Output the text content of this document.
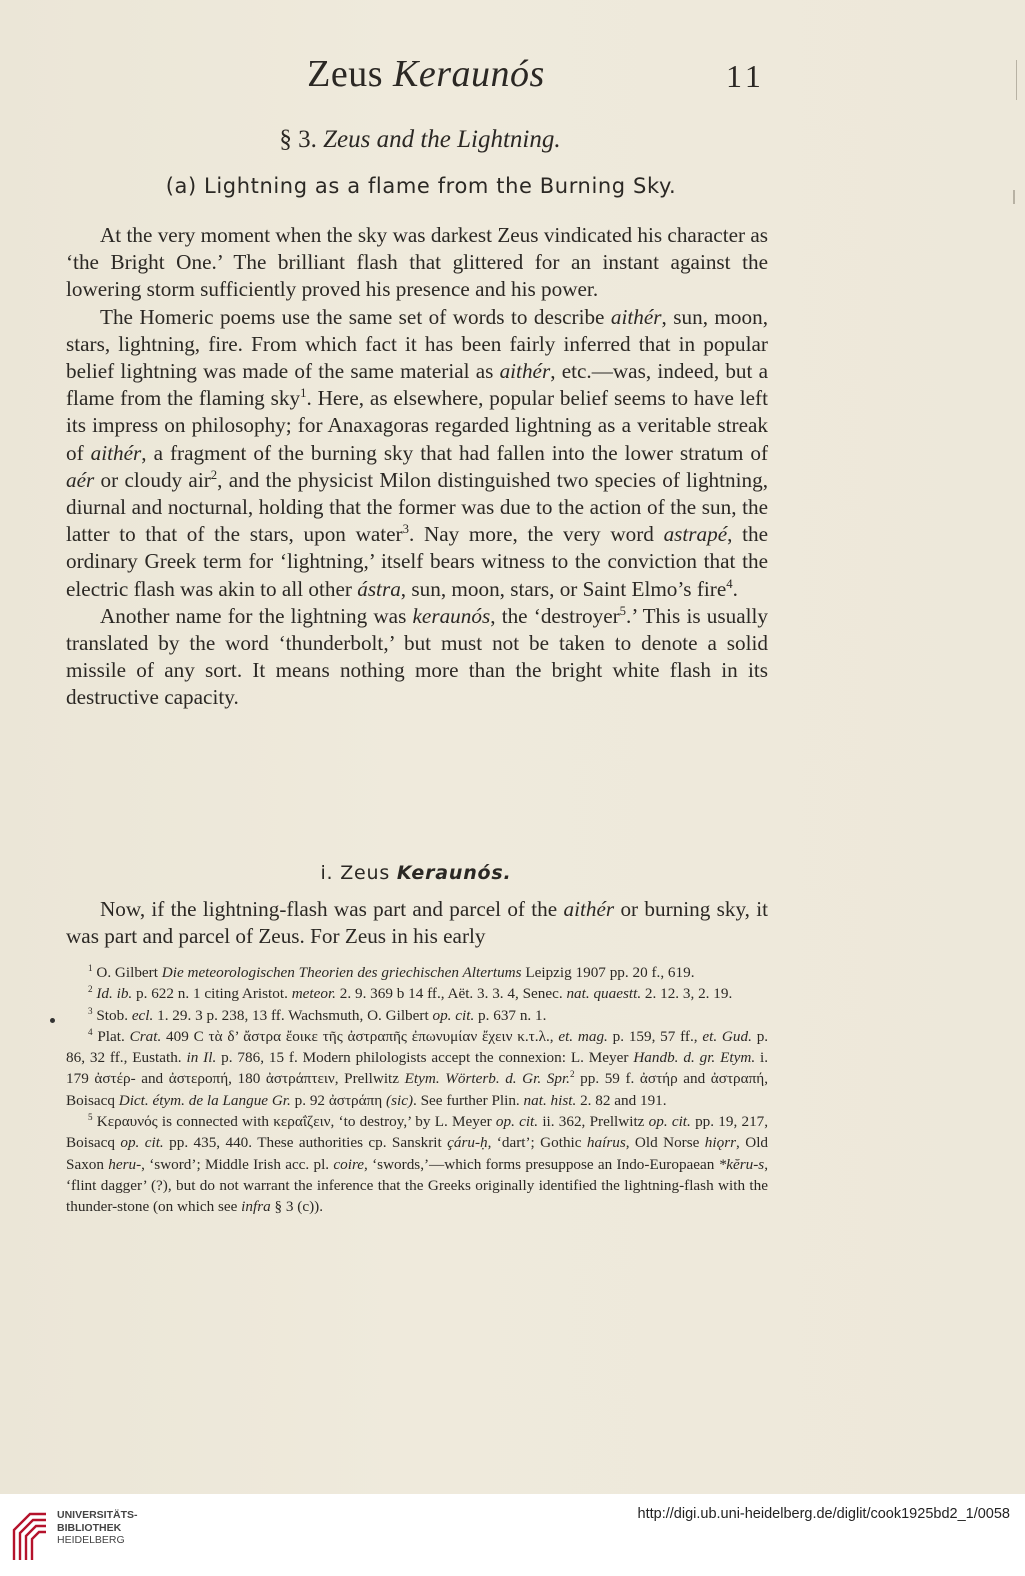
Zeus Keraunós	11
§ 3. Zeus and the Lightning.
(a) Lightning as a flame from the Burning Sky.

At the very moment when the sky was darkest Zeus vindicated his character as ‘the Bright One.’ The brilliant flash that glittered for an instant against the lowering storm sufficiently proved his presence and his power.

The Homeric poems use the same set of words to describe aithér, sun, moon, stars, lightning, fire. From which fact it has been fairly inferred that in popular belief lightning was made of the same material as aithér, etc.—was, indeed, but a flame from the flaming sky$^1$. Here, as elsewhere, popular belief seems to have left its impress on philosophy; for Anaxagoras regarded lightning as a veritable streak of aithér, a fragment of the burning sky that had fallen into the lower stratum of aér or cloudy air$^2$, and the physicist Milon distinguished two species of lightning, diurnal and nocturnal, holding that the former was due to the action of the sun, the latter to that of the stars, upon water$^3$. Nay more, the very word astrapé, the ordinary Greek term for ‘lightning,’ itself bears witness to the conviction that the electric flash was akin to all other ástra, sun, moon, stars, or Saint Elmo’s fire$^4$.

Another name for the lightning was keraunós, the ‘destroyer$^5$.’ This is usually translated by the word ‘thunderbolt,’ but must not be taken to denote a solid missile of any sort. It means nothing more than the bright white flash in its destructive capacity.

i. Zeus Keraunós.

Now, if the lightning-flash was part and parcel of the aithér or burning sky, it was part and parcel of Zeus. For Zeus in his early

$^1$ O. Gilbert Die meteorologischen Theorien des griechischen Altertums Leipzig 1907 pp. 20 f., 619.

$^2$ Id. ib. p. 622 n. 1 citing Aristot. meteor. 2. 9. 369 b 14 ff., Aët. 3. 3. 4, Senec. nat. quaestt. 2. 12. 3, 2. 19.

$^3$ Stob. ecl. 1. 29. 3 p. 238, 13 ff. Wachsmuth, O. Gilbert op. cit. p. 637 n. 1.

$^4$ Plat. Crat. 409 C τὰ δ’ ἄστρα ἔοικε τῆς ἀστραπῆς ἐπωνυμίαν ἔχειν κ.τ.λ., et. mag. p. 159, 57 ff., et. Gud. p. 86, 32 ff., Eustath. in Il. p. 786, 15 f. Modern philologists accept the connexion: L. Meyer Handb. d. gr. Etym. i. 179 ἀστέρ- and ἀστεροπή, 180 ἀστράπτειν, Prellwitz Etym. Wörterb. d. Gr. Spr.$^2$ pp. 59 f. ἀστήρ and ἀστραπή, Boisacq Dict. étym. de la Langue Gr. p. 92 ἀστράπη (sic). See further Plin. nat. hist. 2. 82 and 191.

$^5$ Κεραυνός is connected with κεραΐζειν, ‘to destroy,’ by L. Meyer op. cit. ii. 362, Prellwitz op. cit. pp. 19, 217, Boisacq op. cit. pp. 435, 440. These authorities cp. Sanskrit çáru-ḥ, ‘dart’; Gothic haírus, Old Norse hiǫrr, Old Saxon heru-, ‘sword’; Middle Irish acc. pl. coire, ‘swords,’—which forms presuppose an Indo-Europaean *kĕru-s, ‘flint dagger’ (?), but do not warrant the inference that the Greeks originally identified the lightning-flash with the thunder-stone (on which see infra § 3 (c)).

UNIVERSITÄTS-
BIBLIOTHEK
HEIDELBERG
http://digi.ub.uni-heidelberg.de/diglit/cook1925bd2_1/0058
